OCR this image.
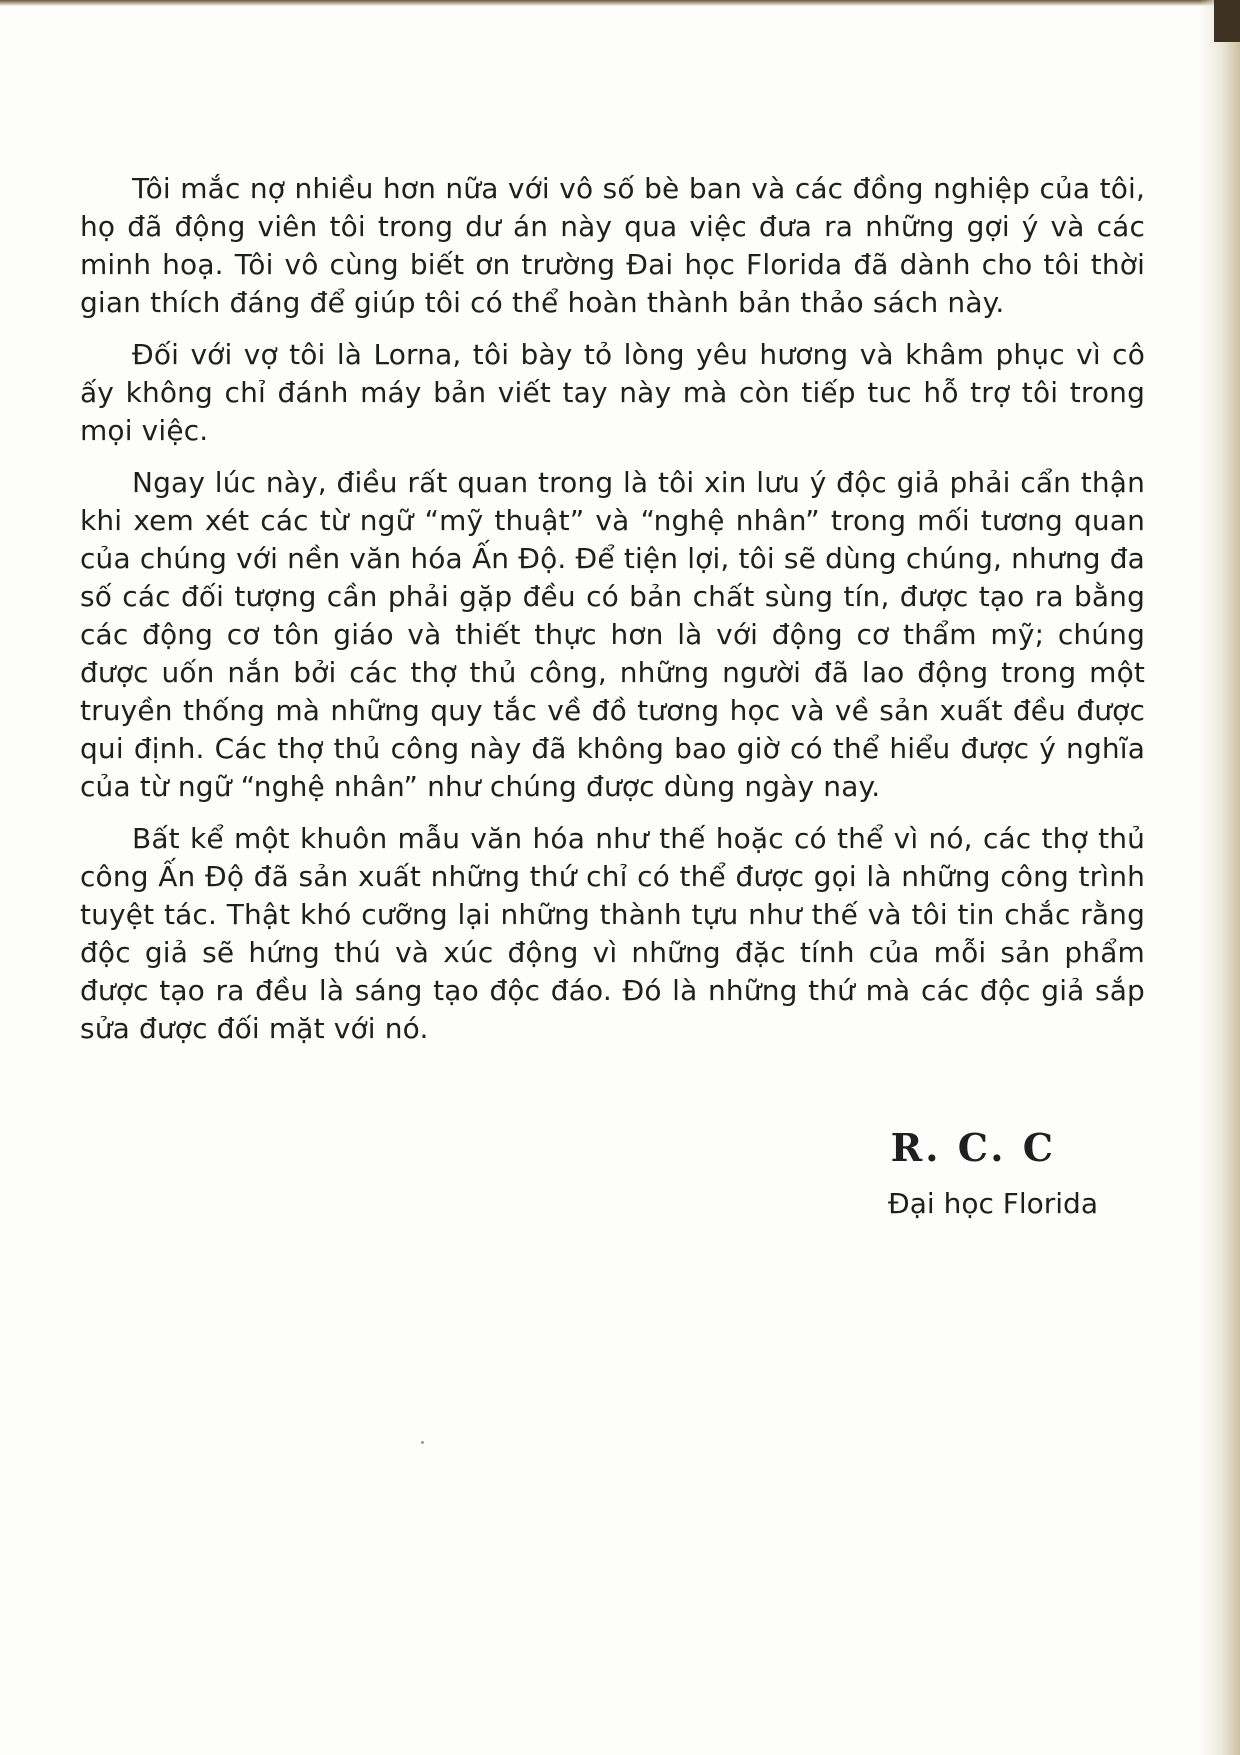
Tôi mắc nợ nhiều hơn nữa với vô số bè ban và các đồng nghiệp của tôi, họ đã động viên tôi trong dư án này qua việc đưa ra những gợi ý và các minh hoạ. Tôi vô cùng biết ơn trường Đai học Florida đã dành cho tôi thời gian thích đáng để giúp tôi có thể hoàn thành bản thảo sách này.

Đối với vợ tôi là Lorna, tôi bày tỏ lòng yêu hương và khâm phục vì cô ấy không chỉ đánh máy bản viết tay này mà còn tiếp tuc hỗ trợ tôi trong mọi việc.

Ngay lúc này, điều rất quan trong là tôi xin lưu ý độc giả phải cẩn thận khi xem xét các từ ngữ “mỹ thuật” và “nghệ nhân” trong mối tương quan của chúng với nền văn hóa Ấn Độ. Để tiện lợi, tôi sẽ dùng chúng, nhưng đa số các đối tượng cần phải gặp đều có bản chất sùng tín, được tạo ra bằng các động cơ tôn giáo và thiết thực hơn là với động cơ thẩm mỹ; chúng được uốn nắn bởi các thợ thủ công, những người đã lao động trong một truyền thống mà những quy tắc về đồ tương học và về sản xuất đều được qui định. Các thợ thủ công này đã không bao giờ có thể hiểu được ý nghĩa của từ ngữ “nghệ nhân” như chúng được dùng ngày nay.

Bất kể một khuôn mẫu văn hóa như thế hoặc có thể vì nó, các thợ thủ công Ấn Độ đã sản xuất những thứ chỉ có thể được gọi là những công trình tuyệt tác. Thật khó cưỡng lại những thành tựu như thế và tôi tin chắc rằng độc giả sẽ hứng thú và xúc động vì những đặc tính của mỗi sản phẩm được tạo ra đều là sáng tạo độc đáo. Đó là những thứ mà các độc giả sắp sửa được đối mặt với nó.

R. C. C
Đại học Florida
